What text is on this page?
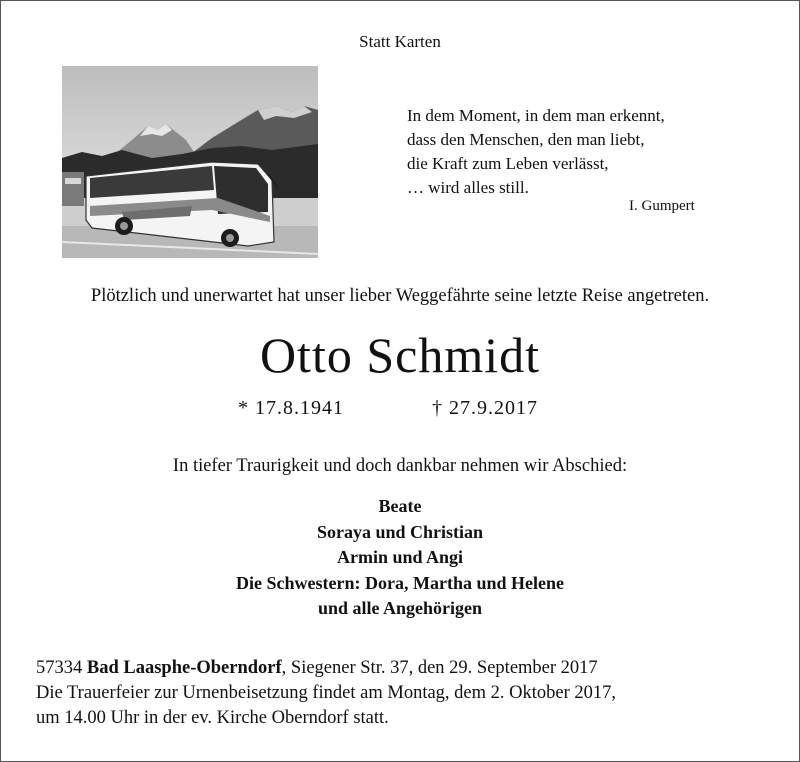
Statt Karten
In dem Moment, in dem man erkennt,
dass den Menschen, den man liebt,
die Kraft zum Leben verlässt,
… wird alles still.
I. Gumpert
Plötzlich und unerwartet hat unser lieber Weggefährte seine letzte Reise angetreten.
Otto Schmidt
* 17.8.1941	† 27.9.2017
In tiefer Traurigkeit und doch dankbar nehmen wir Abschied:
Beate
Soraya und Christian
Armin und Angi
Die Schwestern: Dora, Martha und Helene
und alle Angehörigen
57334 Bad Laasphe-Oberndorf, Siegener Str. 37, den 29. September 2017
Die Trauerfeier zur Urnenbeisetzung findet am Montag, dem 2. Oktober 2017,
um 14.00 Uhr in der ev. Kirche Oberndorf statt.
